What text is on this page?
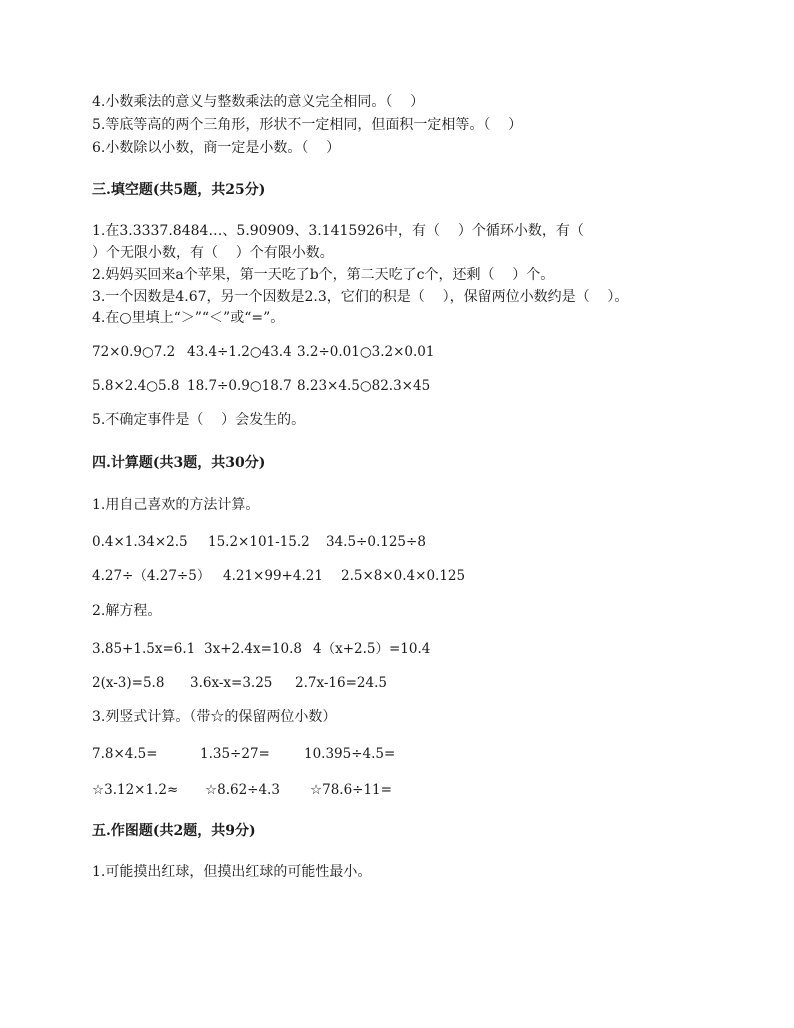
4.小数乘法的意义与整数乘法的意义完全相同。（    ）
5.等底等高的两个三角形，形状不一定相同，但面积一定相等。（    ）
6.小数除以小数，商一定是小数。（    ）
三.填空题(共5题，共25分)
1.在3.3337.8484…、5.90909、3.1415926中，有（    ）个循环小数，有（
）个无限小数，有（    ）个有限小数。
2.妈妈买回来a个苹果，第一天吃了b个，第二天吃了c个，还剩（    ）个。
3.一个因数是4.67，另一个因数是2.3，它们的积是（    ），保留两位小数约是（    ）。
4.在○里填上“＞”“＜”或“=”。
72×0.9○7.2 43.4÷1.2○43.4 3.2÷0.01○3.2×0.01
5.8×2.4○5.8 18.7÷0.9○18.7 8.23×4.5○82.3×45
5.不确定事件是（    ）会发生的。
四.计算题(共3题，共30分)
1.用自己喜欢的方法计算。
0.4×1.34×2.5 15.2×101-15.2 34.5÷0.125÷8
4.27÷（4.27÷5） 4.21×99+4.21 2.5×8×0.4×0.125
2.解方程。
3.85+1.5x=6.1 3x+2.4x=10.8 4（x+2.5）=10.4
2(x-3)=5.8 3.6x-x=3.25 2.7x-16=24.5
3.列竖式计算。（带☆的保留两位小数）
7.8×4.5=	1.35÷27=	10.395÷4.5=
☆3.12×1.2≈ ☆8.62÷4.3 ☆78.6÷11=
五.作图题(共2题，共9分)
1.可能摸出红球，但摸出红球的可能性最小。
